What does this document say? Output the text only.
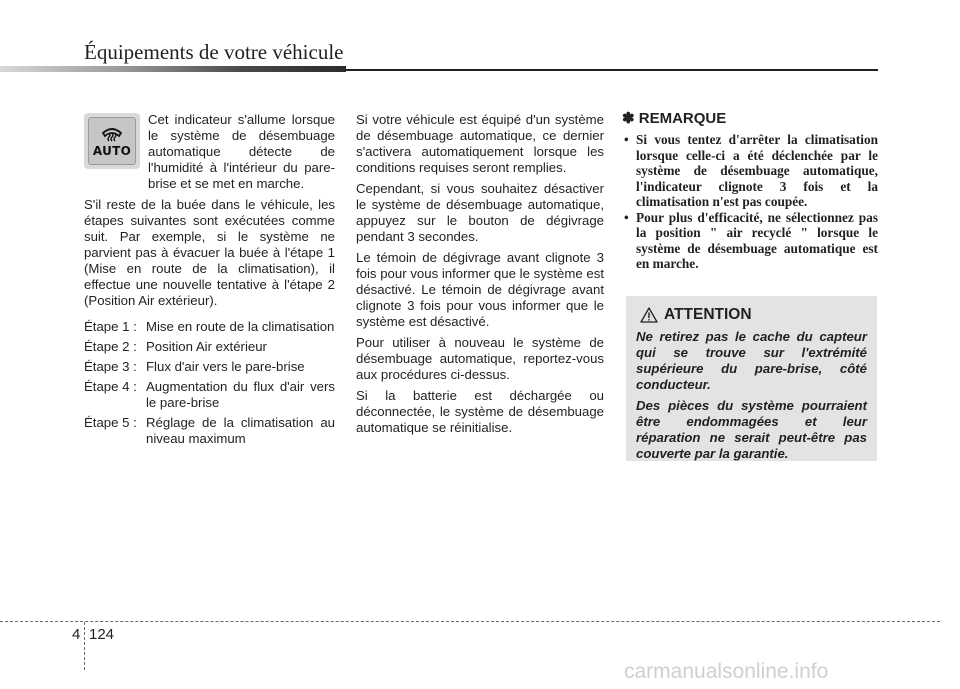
Équipements de votre véhicule
AUTO
Cet indicateur s'allume lorsque le système de désembuage automatique détecte de l'humidité à l'intérieur du pare-brise et se met en marche.

S'il reste de la buée dans le véhicule, les étapes suivantes sont exécutées comme suit. Par exemple, si le système ne parvient pas à évacuer la buée à l'étape 1 (Mise en route de la climatisation), il effectue une nouvelle tentative à l'étape 2 (Position Air extérieur).

Étape 1 : Mise en route de la climatisation
Étape 2 : Position Air extérieur
Étape 3 : Flux d'air vers le pare-brise
Étape 4 : Augmentation du flux d'air vers le pare-brise
Étape 5 : Réglage de la climatisation au niveau maximum

Si votre véhicule est équipé d'un système de désembuage automatique, ce dernier s'activera automatiquement lorsque les conditions requises seront remplies.

Cependant, si vous souhaitez désactiver le système de désembuage automatique, appuyez sur le bouton de dégivrage pendant 3 secondes.

Le témoin de dégivrage avant clignote 3 fois pour vous informer que le système est désactivé. Le témoin de dégivrage avant clignote 3 fois pour vous informer que le système est désactivé.

Pour utiliser à nouveau le système de désembuage automatique, reportez-vous aux procédures ci-dessus.

Si la batterie est déchargée ou déconnectée, le système de désembuage automatique se réinitialise.

✽ REMARQUE
• Si vous tentez d'arrêter la climatisation lorsque celle-ci a été déclenchée par le système de désembuage automatique, l'indicateur clignote 3 fois et la climatisation n'est pas coupée.
• Pour plus d'efficacité, ne sélectionnez pas la position " air recyclé " lorsque le système de désembuage automatique est en marche.
ATTENTION

Ne retirez pas le cache du capteur qui se trouve sur l'extrémité supérieure du pare-brise, côté conducteur.

Des pièces du système pourraient être endommagées et leur réparation ne serait peut-être pas couverte par la garantie.

4 124
carmanualsonline.info
